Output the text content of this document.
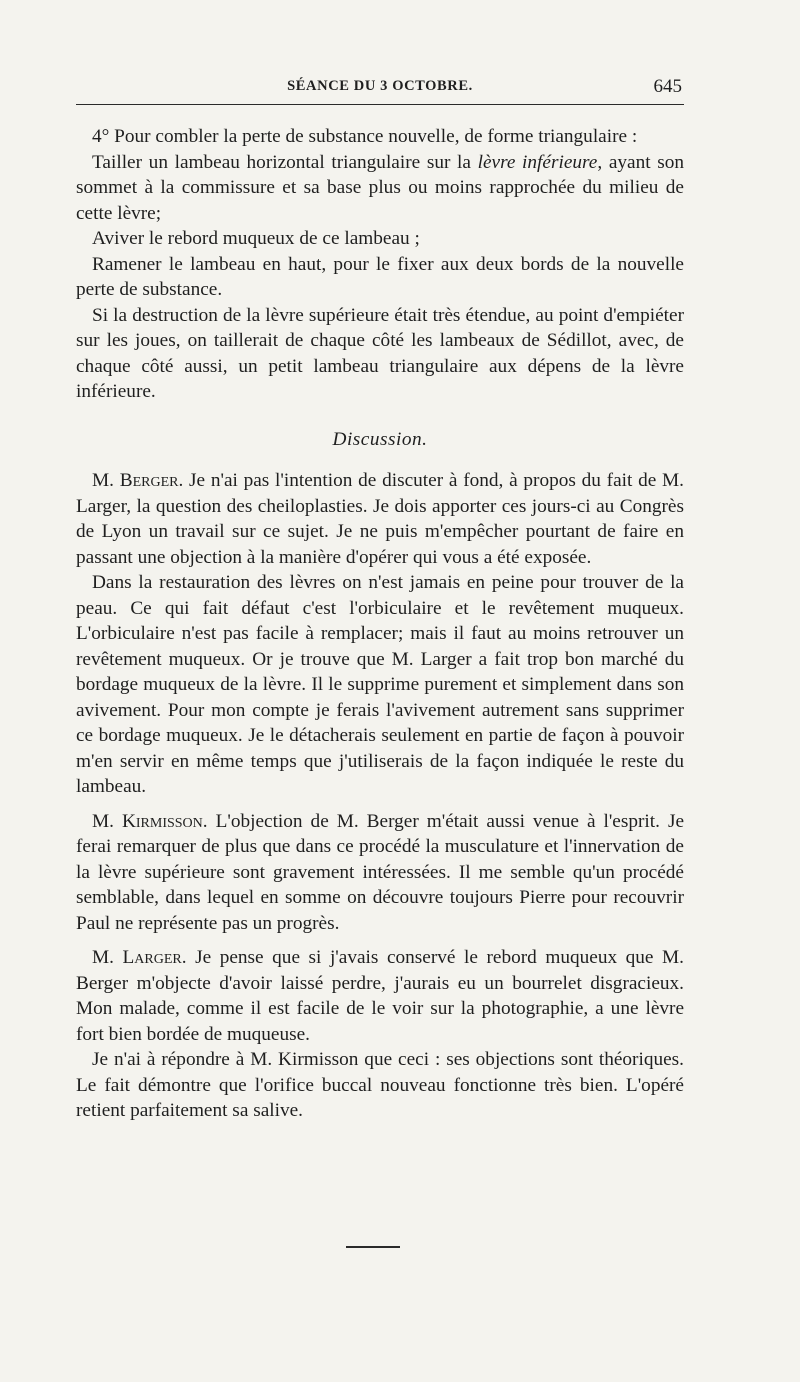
SÉANCE DU 3 OCTOBRE.	645

4° Pour combler la perte de substance nouvelle, de forme triangulaire :

Tailler un lambeau horizontal triangulaire sur la lèvre inférieure, ayant son sommet à la commissure et sa base plus ou moins rapprochée du milieu de cette lèvre;

Aviver le rebord muqueux de ce lambeau ;

Ramener le lambeau en haut, pour le fixer aux deux bords de la nouvelle perte de substance.

Si la destruction de la lèvre supérieure était très étendue, au point d'empiéter sur les joues, on taillerait de chaque côté les lambeaux de Sédillot, avec, de chaque côté aussi, un petit lambeau triangulaire aux dépens de la lèvre inférieure.

Discussion.

M. Berger. Je n'ai pas l'intention de discuter à fond, à propos du fait de M. Larger, la question des cheiloplasties. Je dois apporter ces jours-ci au Congrès de Lyon un travail sur ce sujet. Je ne puis m'empêcher pourtant de faire en passant une objection à la manière d'opérer qui vous a été exposée.

Dans la restauration des lèvres on n'est jamais en peine pour trouver de la peau. Ce qui fait défaut c'est l'orbiculaire et le revêtement muqueux. L'orbiculaire n'est pas facile à remplacer; mais il faut au moins retrouver un revêtement muqueux. Or je trouve que M. Larger a fait trop bon marché du bordage muqueux de la lèvre. Il le supprime purement et simplement dans son avivement. Pour mon compte je ferais l'avivement autrement sans supprimer ce bordage muqueux. Je le détacherais seulement en partie de façon à pouvoir m'en servir en même temps que j'utiliserais de la façon indiquée le reste du lambeau.

M. Kirmisson. L'objection de M. Berger m'était aussi venue à l'esprit. Je ferai remarquer de plus que dans ce procédé la musculature et l'innervation de la lèvre supérieure sont gravement intéressées. Il me semble qu'un procédé semblable, dans lequel en somme on découvre toujours Pierre pour recouvrir Paul ne représente pas un progrès.

M. Larger. Je pense que si j'avais conservé le rebord muqueux que M. Berger m'objecte d'avoir laissé perdre, j'aurais eu un bourrelet disgracieux. Mon malade, comme il est facile de le voir sur la photographie, a une lèvre fort bien bordée de muqueuse.

Je n'ai à répondre à M. Kirmisson que ceci : ses objections sont théoriques. Le fait démontre que l'orifice buccal nouveau fonctionne très bien. L'opéré retient parfaitement sa salive.
